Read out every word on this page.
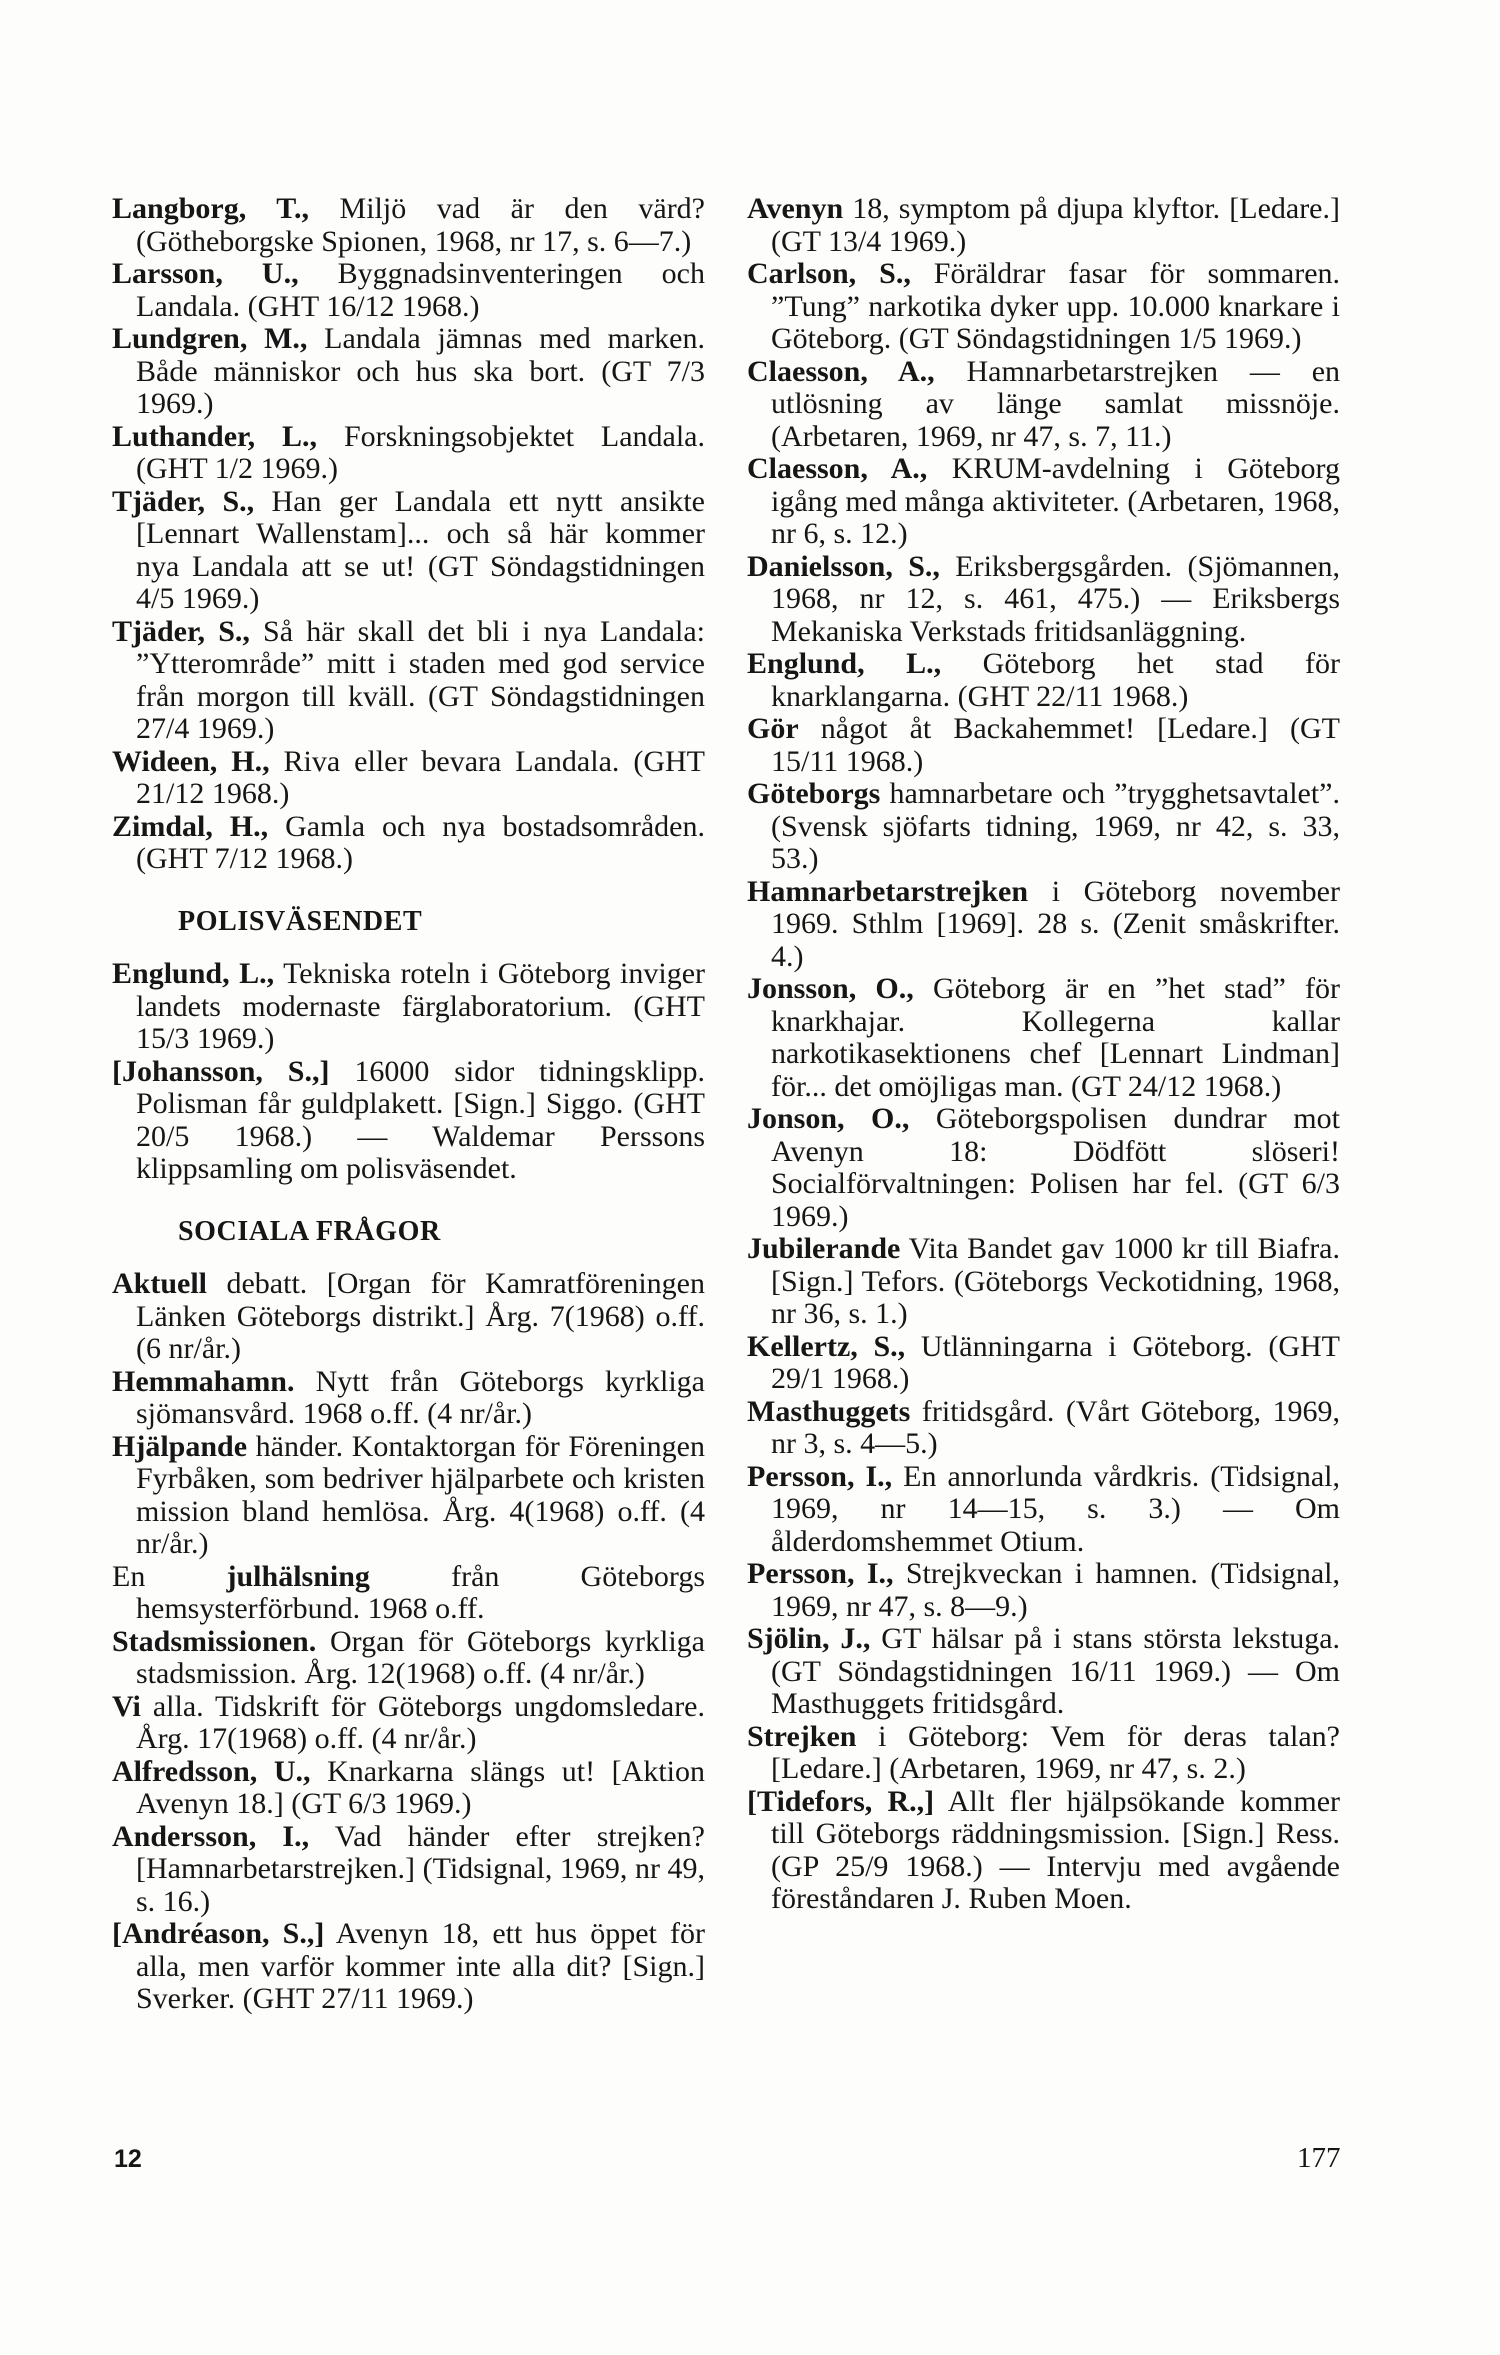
Langborg, T., Miljö vad är den värd? (Götheborgske Spionen, 1968, nr 17, s. 6—7.)

Larsson, U., Byggnadsinventeringen och Landala. (GHT 16/12 1968.)

Lundgren, M., Landala jämnas med marken. Både människor och hus ska bort. (GT 7/3 1969.)

Luthander, L., Forskningsobjektet Landala. (GHT 1/2 1969.)

Tjäder, S., Han ger Landala ett nytt ansikte [Lennart Wallenstam]... och så här kommer nya Landala att se ut! (GT Söndagstidningen 4/5 1969.)

Tjäder, S., Så här skall det bli i nya Landala: ”Ytterområde” mitt i staden med god service från morgon till kväll. (GT Söndagstidningen 27/4 1969.)

Wideen, H., Riva eller bevara Landala. (GHT 21/12 1968.)

Zimdal, H., Gamla och nya bostadsområden. (GHT 7/12 1968.)

POLISVÄSENDET

Englund, L., Tekniska roteln i Göteborg inviger landets modernaste färglaboratorium. (GHT 15/3 1969.)

[Johansson, S.,] 16000 sidor tidningsklipp. Polisman får guldplakett. [Sign.] Siggo. (GHT 20/5 1968.) — Waldemar Perssons klippsamling om polisväsendet.

SOCIALA FRÅGOR

Aktuell debatt. [Organ för Kamratföreningen Länken Göteborgs distrikt.] Årg. 7(1968) o.ff. (6 nr/år.)

Hemmahamn. Nytt från Göteborgs kyrkliga sjömansvård. 1968 o.ff. (4 nr/år.)

Hjälpande händer. Kontaktorgan för Föreningen Fyrbåken, som bedriver hjälparbete och kristen mission bland hemlösa. Årg. 4(1968) o.ff. (4 nr/år.)

En julhälsning från Göteborgs hemsysterförbund. 1968 o.ff.

Stadsmissionen. Organ för Göteborgs kyrkliga stadsmission. Årg. 12(1968) o.ff. (4 nr/år.)

Vi alla. Tidskrift för Göteborgs ungdomsledare. Årg. 17(1968) o.ff. (4 nr/år.)

Alfredsson, U., Knarkarna slängs ut! [Aktion Avenyn 18.] (GT 6/3 1969.)

Andersson, I., Vad händer efter strejken? [Hamnarbetarstrejken.] (Tidsignal, 1969, nr 49, s. 16.)

[Andréason, S.,] Avenyn 18, ett hus öppet för alla, men varför kommer inte alla dit? [Sign.] Sverker. (GHT 27/11 1969.)

Avenyn 18, symptom på djupa klyftor. [Ledare.] (GT 13/4 1969.)

Carlson, S., Föräldrar fasar för sommaren. ”Tung” narkotika dyker upp. 10.000 knarkare i Göteborg. (GT Söndagstidningen 1/5 1969.)

Claesson, A., Hamnarbetarstrejken — en utlösning av länge samlat missnöje. (Arbetaren, 1969, nr 47, s. 7, 11.)

Claesson, A., KRUM-avdelning i Göteborg igång med många aktiviteter. (Arbetaren, 1968, nr 6, s. 12.)

Danielsson, S., Eriksbergsgården. (Sjömannen, 1968, nr 12, s. 461, 475.) — Eriksbergs Mekaniska Verkstads fritidsanläggning.

Englund, L., Göteborg het stad för knarklangarna. (GHT 22/11 1968.)

Gör något åt Backahemmet! [Ledare.] (GT 15/11 1968.)

Göteborgs hamnarbetare och ”trygghetsavtalet”. (Svensk sjöfarts tidning, 1969, nr 42, s. 33, 53.)

Hamnarbetarstrejken i Göteborg november 1969. Sthlm [1969]. 28 s. (Zenit småskrifter. 4.)

Jonsson, O., Göteborg är en ”het stad” för knarkhajar. Kollegerna kallar narkotikasektionens chef [Lennart Lindman] för... det omöjligas man. (GT 24/12 1968.)

Jonson, O., Göteborgspolisen dundrar mot Avenyn 18: Dödfött slöseri! Socialförvaltningen: Polisen har fel. (GT 6/3 1969.)

Jubilerande Vita Bandet gav 1000 kr till Biafra. [Sign.] Tefors. (Göteborgs Veckotidning, 1968, nr 36, s. 1.)

Kellertz, S., Utlänningarna i Göteborg. (GHT 29/1 1968.)

Masthuggets fritidsgård. (Vårt Göteborg, 1969, nr 3, s. 4—5.)

Persson, I., En annorlunda vårdkris. (Tidsignal, 1969, nr 14—15, s. 3.) — Om ålderdomshemmet Otium.

Persson, I., Strejkveckan i hamnen. (Tidsignal, 1969, nr 47, s. 8—9.)

Sjölin, J., GT hälsar på i stans största lekstuga. (GT Söndagstidningen 16/11 1969.) — Om Masthuggets fritidsgård.

Strejken i Göteborg: Vem för deras talan? [Ledare.] (Arbetaren, 1969, nr 47, s. 2.)

[Tidefors, R.,] Allt fler hjälpsökande kommer till Göteborgs räddningsmission. [Sign.] Ress. (GP 25/9 1968.) — Intervju med avgående föreståndaren J. Ruben Moen.

12	177
